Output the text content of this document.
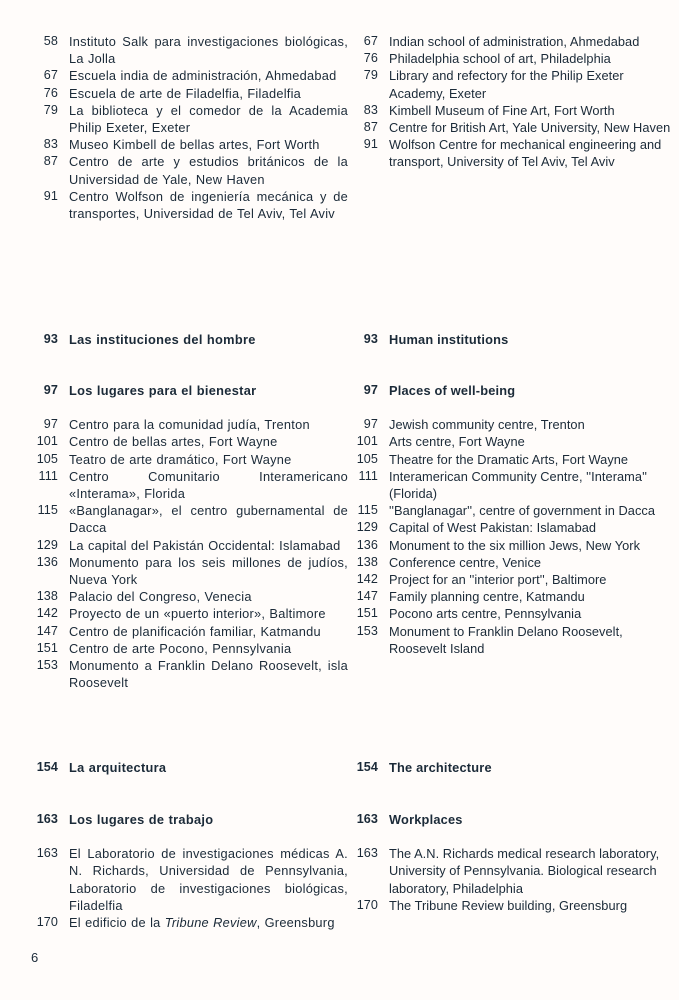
58 Instituto Salk para investigaciones biológicas, La Jolla
67 Escuela india de administración, Ahmedabad
76 Escuela de arte de Filadelfia, Filadelfia
79 La biblioteca y el comedor de la Academia Philip Exeter, Exeter
83 Museo Kimbell de bellas artes, Fort Worth
87 Centro de arte y estudios británicos de la Universidad de Yale, New Haven
91 Centro Wolfson de ingeniería mecánica y de transportes, Universidad de Tel Aviv, Tel Aviv
67 Indian school of administration, Ahmedabad
76 Philadelphia school of art, Philadelphia
79 Library and refectory for the Philip Exeter Academy, Exeter
83 Kimbell Museum of Fine Art, Fort Worth
87 Centre for British Art, Yale University, New Haven
91 Wolfson Centre for mechanical engineering and transport, University of Tel Aviv, Tel Aviv
93 Las instituciones del hombre	93 Human institutions
97 Los lugares para el bienestar
97 Centro para la comunidad judía, Trenton
101 Centro de bellas artes, Fort Wayne
105 Teatro de arte dramático, Fort Wayne
111 Centro Comunitario Interamericano «Interama», Florida
115 «Banglanagar», el centro gubernamental de Dacca
129 La capital del Pakistán Occidental: Islamabad
136 Monumento para los seis millones de judíos, Nueva York
138 Palacio del Congreso, Venecia
142 Proyecto de un «puerto interior», Baltimore
147 Centro de planificación familiar, Katmandu
151 Centro de arte Pocono, Pennsylvania
153 Monumento a Franklin Delano Roosevelt, isla Roosevelt
97 Places of well-being
97 Jewish community centre, Trenton
101 Arts centre, Fort Wayne
105 Theatre for the Dramatic Arts, Fort Wayne
111 Interamerican Community Centre, ''Interama'' (Florida)
115 ''Banglanagar'', centre of government in Dacca
129 Capital of West Pakistan: Islamabad
136 Monument to the six million Jews, New York
138 Conference centre, Venice
142 Project for an ''interior port'', Baltimore
147 Family planning centre, Katmandu
151 Pocono arts centre, Pennsylvania
153 Monument to Franklin Delano Roosevelt, Roosevelt Island
154 La arquitectura	154 The architecture
163 Los lugares de trabajo
163 El Laboratorio de investigaciones médicas A. N. Richards, Universidad de Pennsylvania, Laboratorio de investigaciones biológicas, Filadelfia
170 El edificio de la Tribune Review, Greensburg
163 Workplaces
163 The A.N. Richards medical research laboratory, University of Pennsylvania. Biological research laboratory, Philadelphia
170 The Tribune Review building, Greensburg
6
